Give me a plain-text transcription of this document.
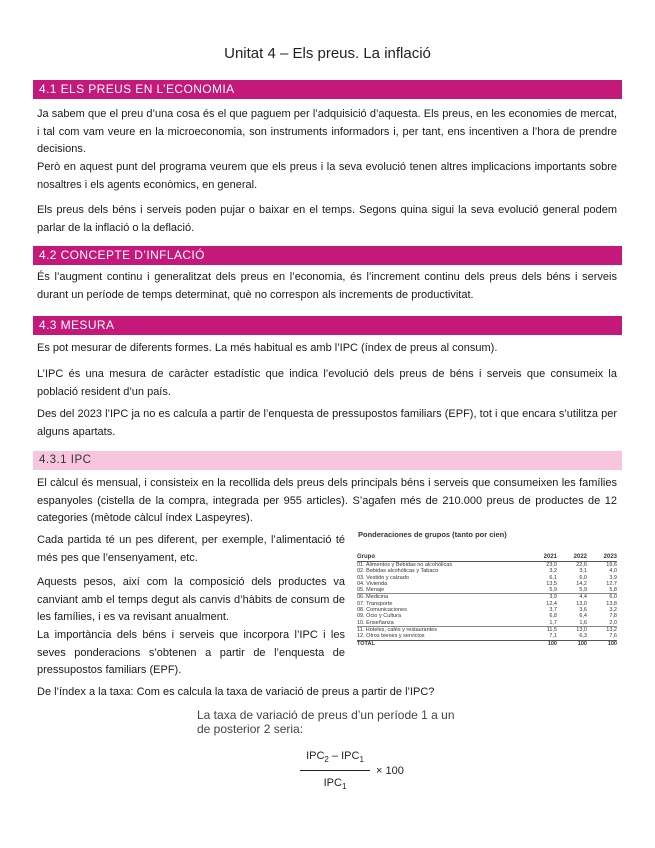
Unitat 4 – Els preus. La inflació
4.1 ELS PREUS EN L’ECONOMIA
Ja sabem que el preu d’una cosa és el que paguem per l’adquisició d’aquesta. Els preus, en les economies de mercat, i tal com vam veure en la microeconomia, son instruments informadors i, per tant, ens incentiven a l’hora de prendre decisions.
Però en aquest punt del programa veurem que els preus i la seva evolució tenen altres implicacions importants sobre nosaltres i els agents econòmics, en general.
Els preus dels béns i serveis poden pujar o baixar en el temps. Segons quina sigui la seva evolució general podem parlar de la inflació o la deflació.
4.2 CONCEPTE D’INFLACIÓ
És l’augment continu i generalitzat dels preus en l’economia, és l’increment continu dels preus dels béns i serveis durant un període de temps determinat, què no correspon als increments de productivitat.
4.3 MESURA
Es pot mesurar de diferents formes. La més habitual es amb l’IPC (índex de preus al consum).
L’IPC és una mesura de caràcter estadístic que indica l’evolució dels preus de béns i serveis que consumeix la població resident d’un país.
Des del 2023 l’IPC ja no es calcula a partir de l’enquesta de pressupostos familiars (EPF), tot i que encara s’utilitza per alguns apartats.
4.3.1 IPC
El càlcul és mensual, i consisteix en la recollida dels preus dels principals béns i serveis que consumeixen les famílies espanyoles (cistella de la compra, integrada per 955 articles). S’agafen més de 210.000 preus de productes de 12 categories (mètode càlcul índex Laspeyres).
Cada partida té un pes diferent, per exemple, l’alimentació té més pes que l’ensenyament, etc.
Aquests pesos, així com la composició dels productes va canviant amb el temps degut als canvis d’hàbits de consum de les famílies, i es va revisant anualment.
La importància dels béns i serveis que incorpora l’IPC i les seves ponderacions s’obtenen a partir de l’enquesta de pressupostos familiars (EPF).
Ponderaciones de grupos (tanto por cien)
Grupo	2021	2022	2023
01. Alimentos y Bebidas no alcohólicas	23,0	22,6	19,6
02. Bebidas alcohólicas y Tabaco	3,2	3,1	4,0
03. Vestido y calzado	6,1	6,0	3,9
04. Vivienda	13,5	14,2	12,7
05. Menaje	5,9	5,9	5,8
06. Medicina	3,9	4,4	6,0
07. Transporte	12,4	13,0	13,8
08. Comunicaciones	3,7	3,6	3,2
09. Ocio y Cultura	6,8	6,4	7,8
10. Enseñanza	1,7	1,6	2,0
11. Hoteles, cafés y restaurantes	11,5	13,0	13,2
12. Otros bienes y servicios	7,1	6,3	7,6
TOTAL	100	100	100
De l’índex a la taxa: Com es calcula la taxa de variació de preus a partir de l’IPC?
La taxa de variació de preus d’un període 1 a un de posterior 2 seria:
$IPC_2 - IPC_1$
$IPC_1$
× 100
